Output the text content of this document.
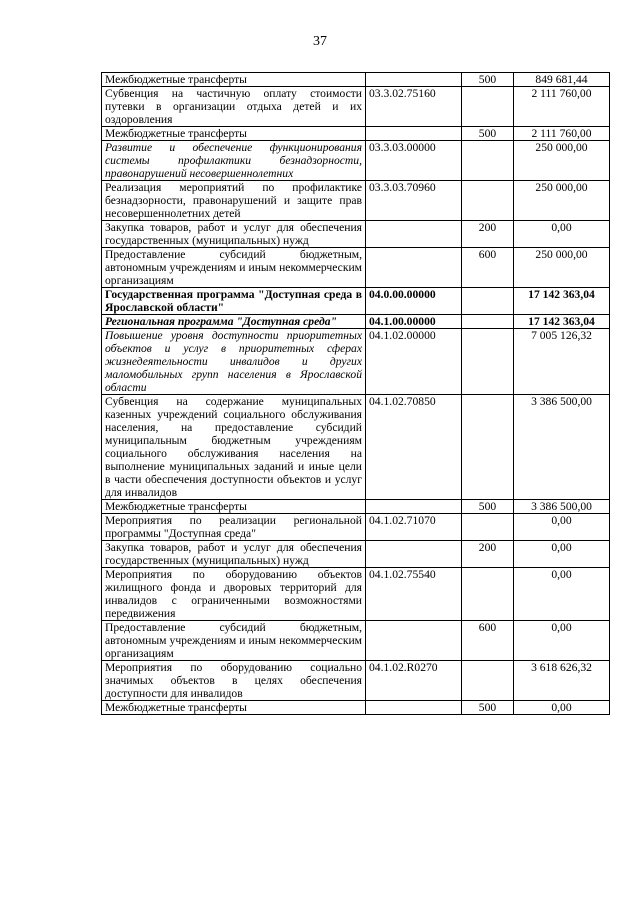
37
Межбюджетные трансферты		500	849 681,44
Субвенция на частичную оплату стоимости путевки в организации отдыха детей и их оздоровления	03.3.02.75160		2 111 760,00
Межбюджетные трансферты		500	2 111 760,00
Развитие и обеспечение функционирования системы профилактики безнадзорности, правонарушений несовершеннолетних	03.3.03.00000		250 000,00
Реализация мероприятий по профилактике безнадзорности, правонарушений и защите прав несовершеннолетних детей	03.3.03.70960		250 000,00
Закупка товаров, работ и услуг для обеспечения государственных (муниципальных) нужд		200	0,00
Предоставление субсидий бюджетным, автономным учреждениям и иным некоммерческим организациям		600	250 000,00
Государственная программа "Доступная среда в Ярославской области"	04.0.00.00000		17 142 363,04
Региональная программа "Доступная среда"	04.1.00.00000		17 142 363,04
Повышение уровня доступности приоритетных объектов и услуг в приоритетных сферах жизнедеятельности инвалидов и других маломобильных групп населения в Ярославской области	04.1.02.00000		7 005 126,32
Субвенция на содержание муниципальных казенных учреждений социального обслуживания населения, на предоставление субсидий муниципальным бюджетным учреждениям социального обслуживания населения на выполнение муниципальных заданий и иные цели в части обеспечения доступности объектов и услуг для инвалидов	04.1.02.70850		3 386 500,00
Межбюджетные трансферты		500	3 386 500,00
Мероприятия по реализации региональной программы "Доступная среда"	04.1.02.71070		0,00
Закупка товаров, работ и услуг для обеспечения государственных (муниципальных) нужд		200	0,00
Мероприятия по оборудованию объектов жилищного фонда и дворовых территорий для инвалидов с ограниченными возможностями передвижения	04.1.02.75540		0,00
Предоставление субсидий бюджетным, автономным учреждениям и иным некоммерческим организациям		600	0,00
Мероприятия по оборудованию социально значимых объектов в целях обеспечения доступности для инвалидов	04.1.02.R0270		3 618 626,32
Межбюджетные трансферты		500	0,00
